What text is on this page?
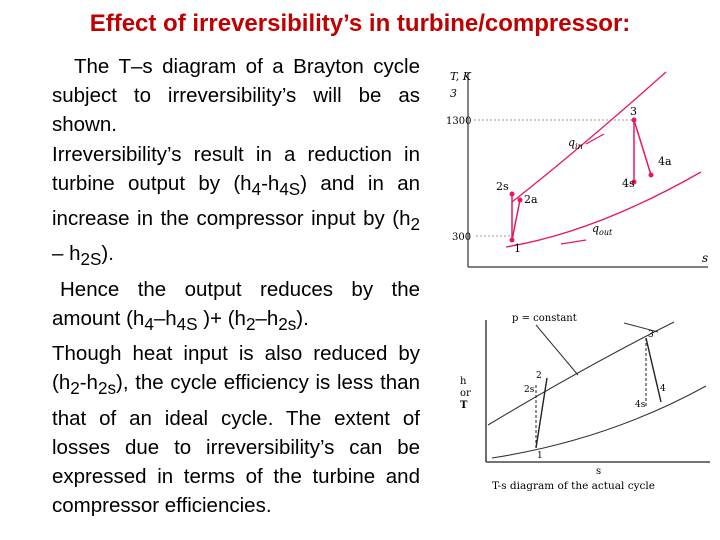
Effect of irreversibility’s in turbine/compressor:

The T–s diagram of a Brayton cycle subject to irreversibility’s will be as shown.

Irreversibility’s result in a reduction in turbine output by $(h_4-h_{4S})$ and in an increase in the compressor input by $(h_2 - h_{2S})$.

Hence the output reduces by the amount ($h_4-h_{4S}$ )+ $(h_2-h_{2s})$.

Though heat input is also reduced by $(h_2-h_{2s})$, the cycle efficiency is less than that of an ideal cycle. The extent of losses due to irreversibility’s can be expressed in terms of the turbine and compressor efficiencies.

T, K
3
s
1300
300
1
2s
2a
3
4s
4a
$q_{in}$
$q_{out}$
h
or
T
s
p = constant
1
2
2s
3
4
4s
T-s diagram of the actual cycle
